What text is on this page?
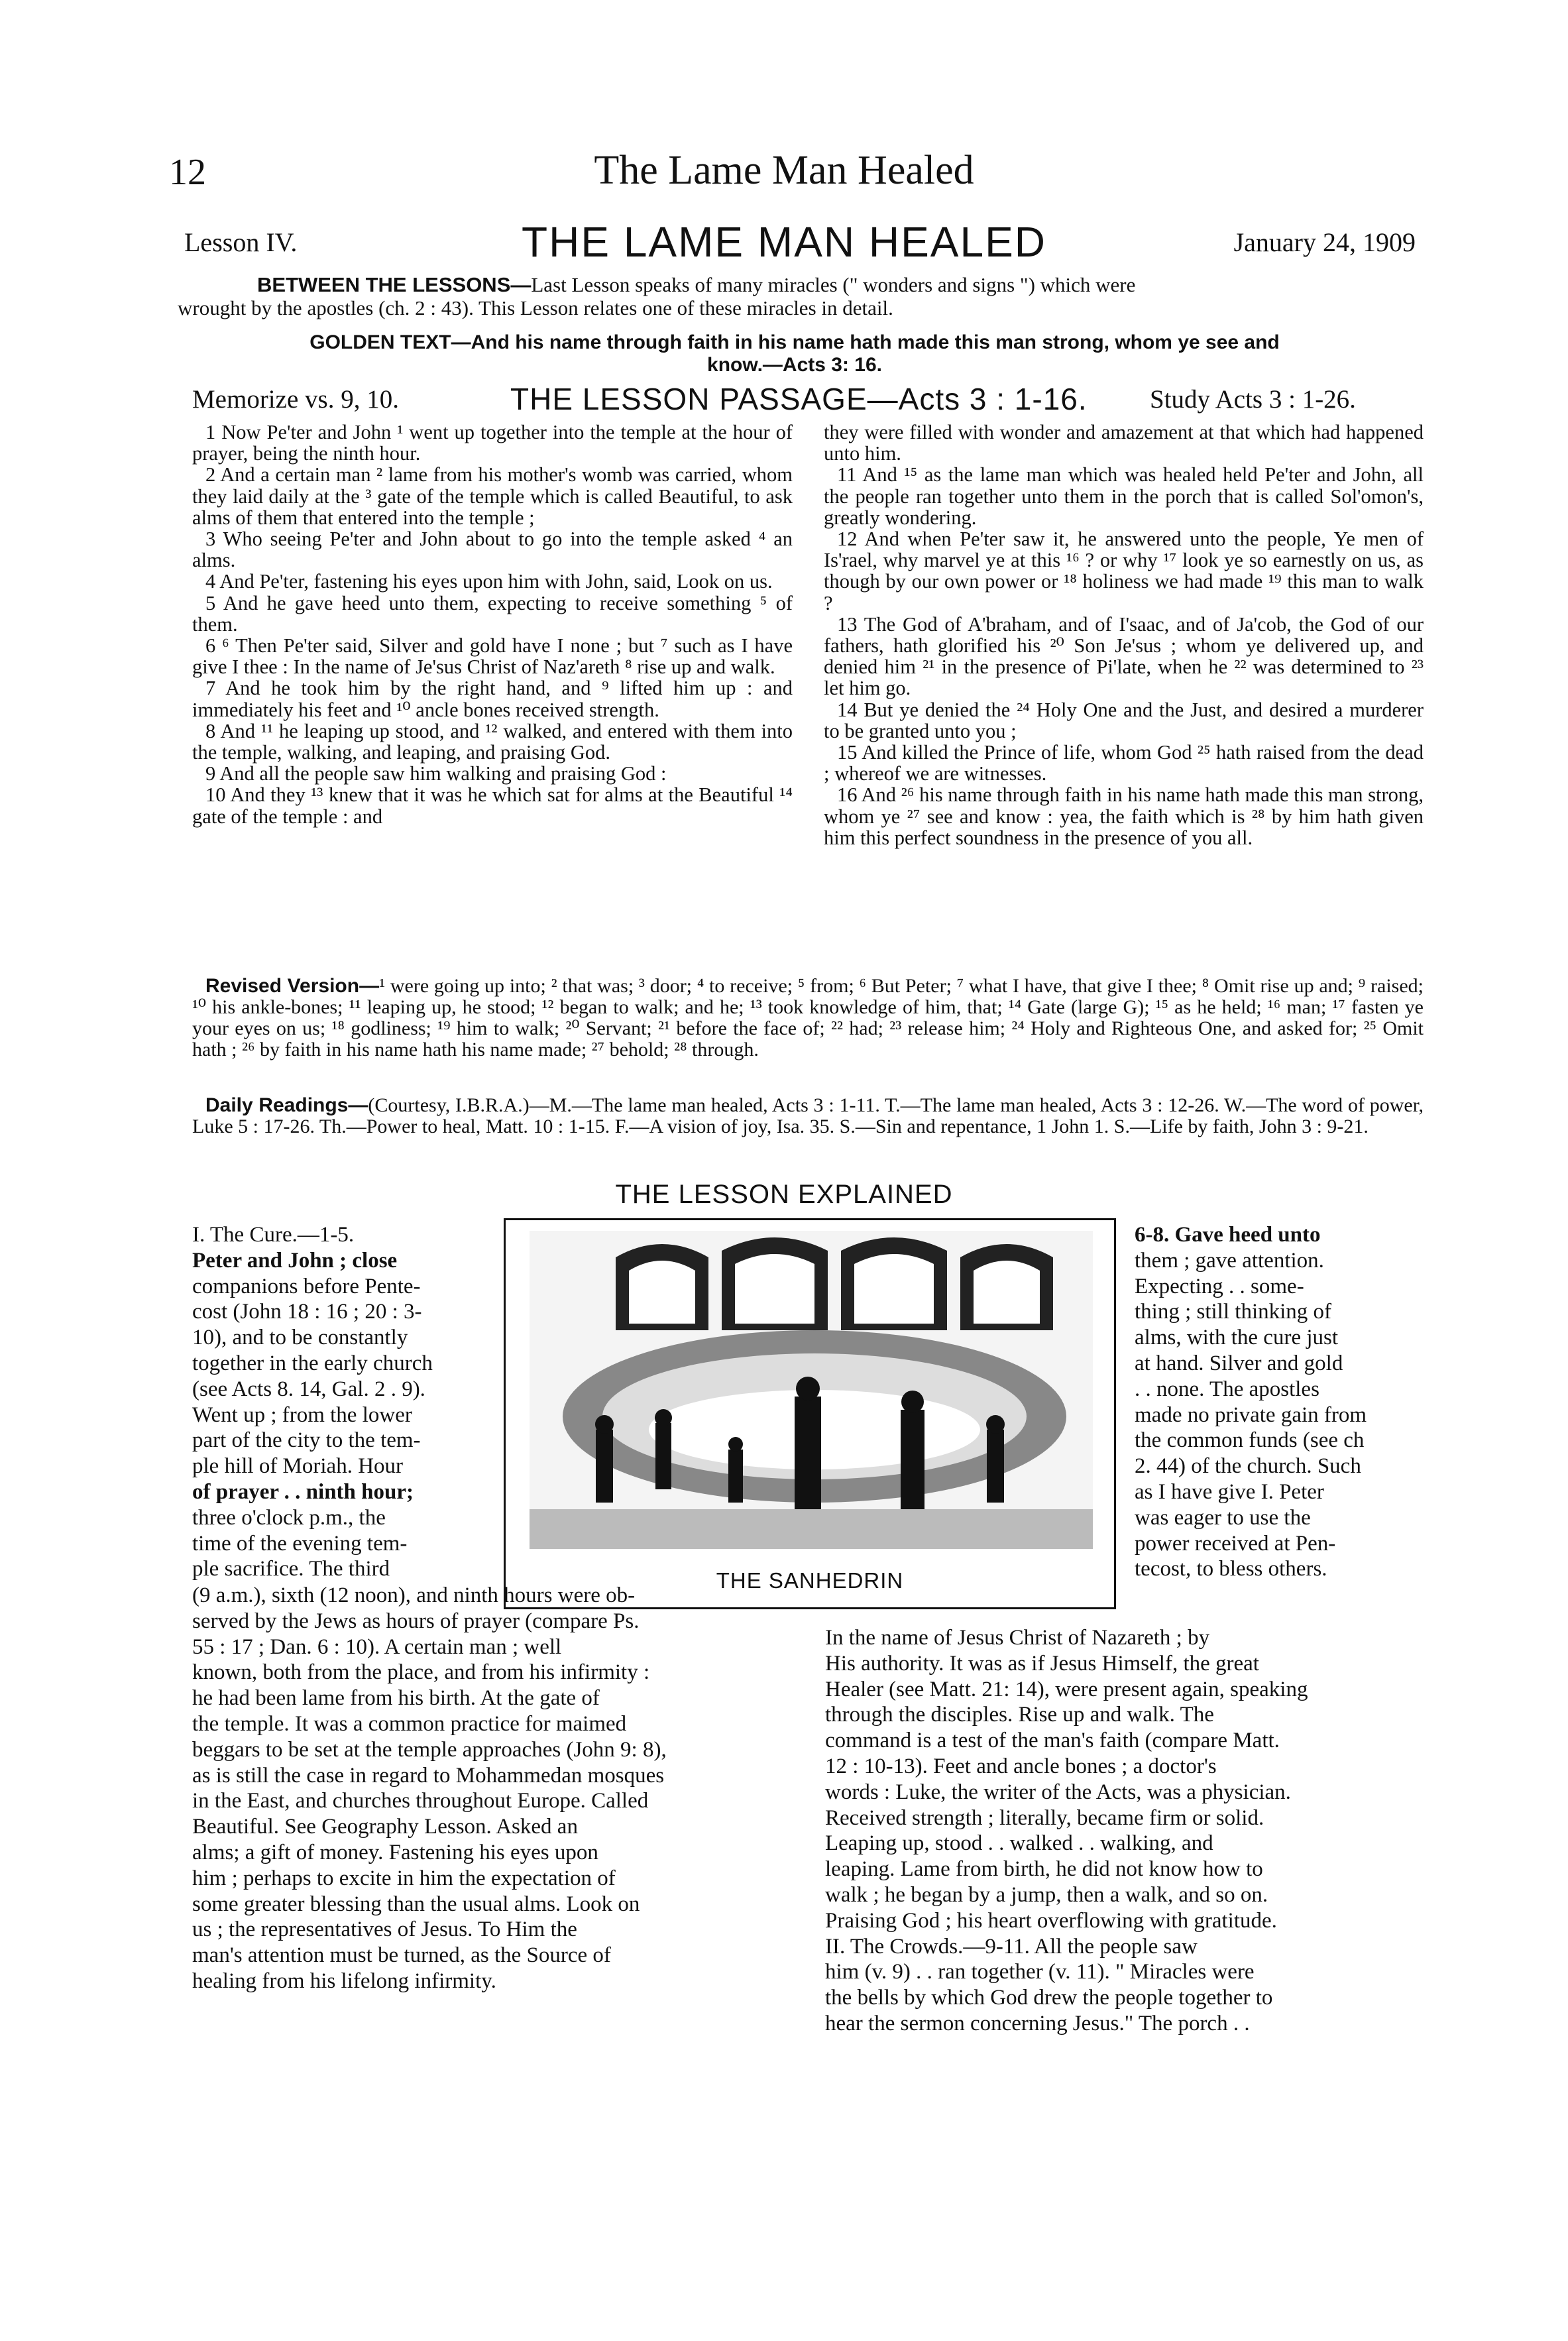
12	The Lame Man Healed
Lesson IV.	THE LAME MAN HEALED	January 24, 1909
BETWEEN THE LESSONS—Last Lesson speaks of many miracles (" wonders and signs ") which were
wrought by the apostles (ch. 2 : 43). This Lesson relates one of these miracles in detail.
GOLDEN TEXT—And his name through faith in his name hath made this man strong, whom ye see and
know.—Acts 3: 16.
Memorize vs. 9, 10.	THE LESSON PASSAGE—Acts 3 : 1-16. Study Acts 3 : 1-26.

1 Now Pe'ter and John ¹ went up together into the temple at the hour of prayer, being the ninth hour.

2 And a certain man ² lame from his mother's womb was carried, whom they laid daily at the ³ gate of the temple which is called Beautiful, to ask alms of them that entered into the temple ;

3 Who seeing Pe'ter and John about to go into the temple asked ⁴ an alms.

4 And Pe'ter, fastening his eyes upon him with John, said, Look on us.

5 And he gave heed unto them, expecting to receive something ⁵ of them.

6 ⁶ Then Pe'ter said, Silver and gold have I none ; but ⁷ such as I have give I thee : In the name of Je'sus Christ of Naz'areth ⁸ rise up and walk.

7 And he took him by the right hand, and ⁹ lifted him up : and immediately his feet and ¹⁰ ancle bones received strength.

8 And ¹¹ he leaping up stood, and ¹² walked, and entered with them into the temple, walking, and leaping, and praising God.

9 And all the people saw him walking and praising God :

10 And they ¹³ knew that it was he which sat for alms at the Beautiful ¹⁴ gate of the temple : and

they were filled with wonder and amazement at that which had happened unto him.

11 And ¹⁵ as the lame man which was healed held Pe'ter and John, all the people ran together unto them in the porch that is called Sol'omon's, greatly wondering.

12 And when Pe'ter saw it, he answered unto the people, Ye men of Is'rael, why marvel ye at this ¹⁶ ? or why ¹⁷ look ye so earnestly on us, as though by our own power or ¹⁸ holiness we had made ¹⁹ this man to walk ?

13 The God of A'braham, and of I'saac, and of Ja'cob, the God of our fathers, hath glorified his ²⁰ Son Je'sus ; whom ye delivered up, and denied him ²¹ in the presence of Pi'late, when he ²² was determined to ²³ let him go.

14 But ye denied the ²⁴ Holy One and the Just, and desired a murderer to be granted unto you ;

15 And killed the Prince of life, whom God ²⁵ hath raised from the dead ; whereof we are witnesses.

16 And ²⁶ his name through faith in his name hath made this man strong, whom ye ²⁷ see and know : yea, the faith which is ²⁸ by him hath given him this perfect soundness in the presence of you all.

Revised Version—¹ were going up into; ² that was; ³ door; ⁴ to receive; ⁵ from; ⁶ But Peter; ⁷ what I have, that give I thee; ⁸ Omit rise up and; ⁹ raised; ¹⁰ his ankle-bones; ¹¹ leaping up, he stood; ¹² began to walk; and he; ¹³ took knowledge of him, that; ¹⁴ Gate (large G); ¹⁵ as he held; ¹⁶ man; ¹⁷ fasten ye your eyes on us; ¹⁸ godliness; ¹⁹ him to walk; ²⁰ Servant; ²¹ before the face of; ²² had; ²³ release him; ²⁴ Holy and Righteous One, and asked for; ²⁵ Omit hath ; ²⁶ by faith in his name hath his name made; ²⁷ behold; ²⁸ through.

Daily Readings—(Courtesy, I.B.R.A.)—M.—The lame man healed, Acts 3 : 1-11. T.—The lame man healed, Acts 3 : 12-26. W.—The word of power, Luke 5 : 17-26. Th.—Power to heal, Matt. 10 : 1-15. F.—A vision of joy, Isa. 35. S.—Sin and repentance, 1 John 1. S.—Life by faith, John 3 : 9-21.

THE LESSON EXPLAINED
THE SANHEDRIN

I. The Cure.—1-5.

Peter and John ; close

companions before Pente-

cost (John 18 : 16 ; 20 : 3-

10), and to be constantly

together in the early church

(see Acts 8. 14, Gal. 2 . 9).

Went up ; from the lower

part of the city to the tem-

ple hill of Moriah. Hour

of prayer . . ninth hour;

three o'clock p.m., the

time of the evening tem-

ple sacrifice. The third

(9 a.m.), sixth (12 noon), and ninth hours were ob-

served by the Jews as hours of prayer (compare Ps.

55 : 17 ; Dan. 6 : 10). A certain man ; well

known, both from the place, and from his infirmity :

he had been lame from his birth. At the gate of

the temple. It was a common practice for maimed

beggars to be set at the temple approaches (John 9: 8),

as is still the case in regard to Mohammedan mosques

in the East, and churches throughout Europe. Called

Beautiful. See Geography Lesson. Asked an

alms; a gift of money. Fastening his eyes upon

him ; perhaps to excite in him the expectation of

some greater blessing than the usual alms. Look on

us ; the representatives of Jesus. To Him the

man's attention must be turned, as the Source of

healing from his lifelong infirmity.

6-8. Gave heed unto

them ; gave attention.

Expecting . . some-

thing ; still thinking of

alms, with the cure just

at hand. Silver and gold

. . none. The apostles

made no private gain from

the common funds (see ch

2. 44) of the church. Such

as I have give I. Peter

was eager to use the

power received at Pen-

tecost, to bless others.

In the name of Jesus Christ of Nazareth ; by

His authority. It was as if Jesus Himself, the great

Healer (see Matt. 21: 14), were present again, speaking

through the disciples. Rise up and walk. The

command is a test of the man's faith (compare Matt.

12 : 10-13). Feet and ancle bones ; a doctor's

words : Luke, the writer of the Acts, was a physician.

Received strength ; literally, became firm or solid.

Leaping up, stood . . walked . . walking, and

leaping. Lame from birth, he did not know how to

walk ; he began by a jump, then a walk, and so on.

Praising God ; his heart overflowing with gratitude.

II. The Crowds.—9-11. All the people saw

him (v. 9) . . ran together (v. 11). " Miracles were

the bells by which God drew the people together to

hear the sermon concerning Jesus." The porch . .
